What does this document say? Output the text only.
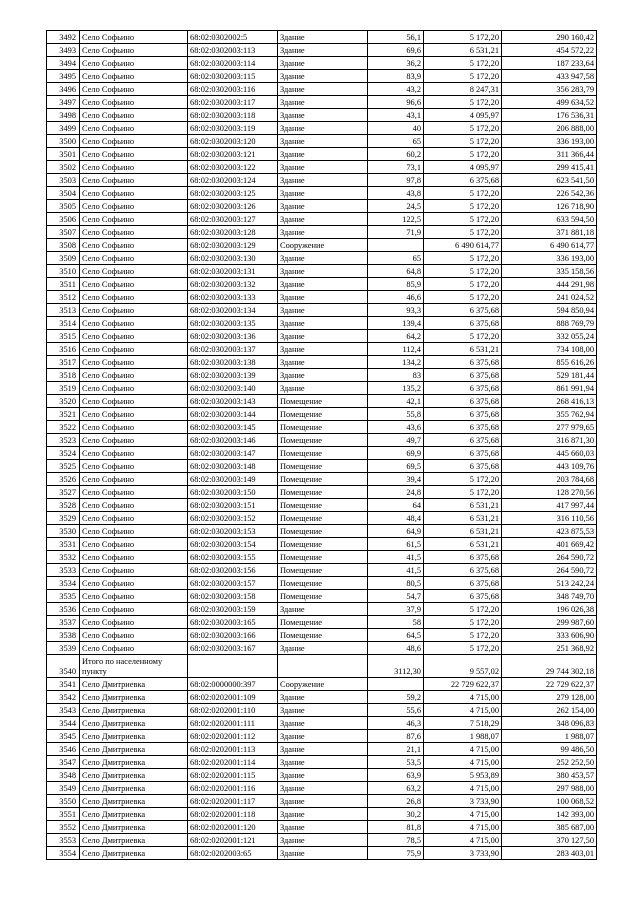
3492	Село Софьино	68:02:0302002:5	Здание	56,1	5 172,20	290 160,42
3493	Село Софьино	68:02:0302003:113	Здание	69,6	6 531,21	454 572,22
3494	Село Софьино	68:02:0302003:114	Здание	36,2	5 172,20	187 233,64
3495	Село Софьино	68:02:0302003:115	Здание	83,9	5 172,20	433 947,58
3496	Село Софьино	68:02:0302003:116	Здание	43,2	8 247,31	356 283,79
3497	Село Софьино	68:02:0302003:117	Здание	96,6	5 172,20	499 634,52
3498	Село Софьино	68:02:0302003:118	Здание	43,1	4 095,97	176 536,31
3499	Село Софьино	68:02:0302003:119	Здание	40	5 172,20	206 888,00
3500	Село Софьино	68:02:0302003:120	Здание	65	5 172,20	336 193,00
3501	Село Софьино	68:02:0302003:121	Здание	60,2	5 172,20	311 366,44
3502	Село Софьино	68:02:0302003:122	Здание	73,1	4 095,97	299 415,41
3503	Село Софьино	68:02:0302003:124	Здание	97,8	6 375,68	623 541,50
3504	Село Софьино	68:02:0302003:125	Здание	43,8	5 172,20	226 542,36
3505	Село Софьино	68:02:0302003:126	Здание	24,5	5 172,20	126 718,90
3506	Село Софьино	68:02:0302003:127	Здание	122,5	5 172,20	633 594,50
3507	Село Софьино	68:02:0302003:128	Здание	71,9	5 172,20	371 881,18
3508	Село Софьино	68:02:0302003:129	Сооружение		6 490 614,77	6 490 614,77
3509	Село Софьино	68:02:0302003:130	Здание	65	5 172,20	336 193,00
3510	Село Софьино	68:02:0302003:131	Здание	64,8	5 172,20	335 158,56
3511	Село Софьино	68:02:0302003:132	Здание	85,9	5 172,20	444 291,98
3512	Село Софьино	68:02:0302003:133	Здание	46,6	5 172,20	241 024,52
3513	Село Софьино	68:02:0302003:134	Здание	93,3	6 375,68	594 850,94
3514	Село Софьино	68:02:0302003:135	Здание	139,4	6 375,68	888 769,79
3515	Село Софьино	68:02:0302003:136	Здание	64,2	5 172,20	332 055,24
3516	Село Софьино	68:02:0302003:137	Здание	112,4	6 531,21	734 108,00
3517	Село Софьино	68:02:0302003:138	Здание	134,2	6 375,68	855 616,26
3518	Село Софьино	68:02:0302003:139	Здание	83	6 375,68	529 181,44
3519	Село Софьино	68:02:0302003:140	Здание	135,2	6 375,68	861 991,94
3520	Село Софьино	68:02:0302003:143	Помещение	42,1	6 375,68	268 416,13
3521	Село Софьино	68:02:0302003:144	Помещение	55,8	6 375,68	355 762,94
3522	Село Софьино	68:02:0302003:145	Помещение	43,6	6 375,68	277 979,65
3523	Село Софьино	68:02:0302003:146	Помещение	49,7	6 375,68	316 871,30
3524	Село Софьино	68:02:0302003:147	Помещение	69,9	6 375,68	445 660,03
3525	Село Софьино	68:02:0302003:148	Помещение	69,5	6 375,68	443 109,76
3526	Село Софьино	68:02:0302003:149	Помещение	39,4	5 172,20	203 784,68
3527	Село Софьино	68:02:0302003:150	Помещение	24,8	5 172,20	128 270,56
3528	Село Софьино	68:02:0302003:151	Помещение	64	6 531,21	417 997,44
3529	Село Софьино	68:02:0302003:152	Помещение	48,4	6 531,21	316 110,56
3530	Село Софьино	68:02:0302003:153	Помещение	64,9	6 531,21	423 875,53
3531	Село Софьино	68:02:0302003:154	Помещение	61,5	6 531,21	401 669,42
3532	Село Софьино	68:02:0302003:155	Помещение	41,5	6 375,68	264 590,72
3533	Село Софьино	68:02:0302003:156	Помещение	41,5	6 375,68	264 590,72
3534	Село Софьино	68:02:0302003:157	Помещение	80,5	6 375,68	513 242,24
3535	Село Софьино	68:02:0302003:158	Помещение	54,7	6 375,68	348 749,70
3536	Село Софьино	68:02:0302003:159	Здание	37,9	5 172,20	196 026,38
3537	Село Софьино	68:02:0302003:165	Помещение	58	5 172,20	299 987,60
3538	Село Софьино	68:02:0302003:166	Помещение	64,5	5 172,20	333 606,90
3539	Село Софьино	68:02:0302003:167	Здание	48,6	5 172,20	251 368,92
3540	Итого по населенному пункту			3112,30	9 557,02	29 744 302,18
3541	Село Дмитриевка	68:02:0000000:397	Сооружение		22 729 622,37	22 729 622,37
3542	Село Дмитриевка	68:02:0202001:109	Здание	59,2	4 715,00	279 128,00
3543	Село Дмитриевка	68:02:0202001:110	Здание	55,6	4 715,00	262 154,00
3544	Село Дмитриевка	68:02:0202001:111	Здание	46,3	7 518,29	348 096,83
3545	Село Дмитриевка	68:02:0202001:112	Здание	87,6	1 988,07	1 988,07
3546	Село Дмитриевка	68:02:0202001:113	Здание	21,1	4 715,00	99 486,50
3547	Село Дмитриевка	68:02:0202001:114	Здание	53,5	4 715,00	252 252,50
3548	Село Дмитриевка	68:02:0202001:115	Здание	63,9	5 953,89	380 453,57
3549	Село Дмитриевка	68:02:0202001:116	Здание	63,2	4 715,00	297 988,00
3550	Село Дмитриевка	68:02:0202001:117	Здание	26,8	3 733,90	100 068,52
3551	Село Дмитриевка	68:02:0202001:118	Здание	30,2	4 715,00	142 393,00
3552	Село Дмитриевка	68:02:0202001:120	Здание	81,8	4 715,00	385 687,00
3553	Село Дмитриевка	68:02:0202001:121	Здание	78,5	4 715,00	370 127,50
3554	Село Дмитриевка	68:02:0202003:65	Здание	75,9	3 733,90	283 403,01
